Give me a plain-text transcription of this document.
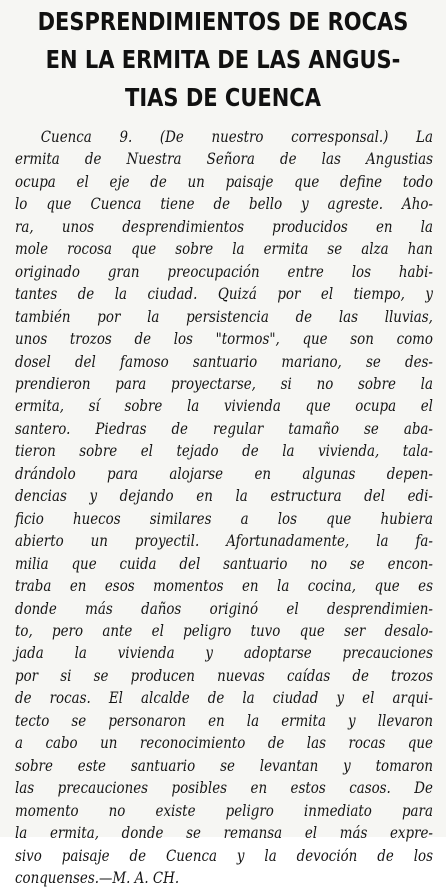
DESPRENDIMIENTOS DE ROCAS
EN LA ERMITA DE LAS ANGUS-
TIAS DE CUENCA
Cuenca 9. (De nuestro corresponsal.) La
ermita de Nuestra Señora de las Angustias
ocupa el eje de un paisaje que define todo
lo que Cuenca tiene de bello y agreste. Aho-
ra, unos desprendimientos producidos en la
mole rocosa que sobre la ermita se alza han
originado gran preocupación entre los habi-
tantes de la ciudad. Quizá por el tiempo, y
también por la persistencia de las lluvias,
unos trozos de los "tormos", que son como
dosel del famoso santuario mariano, se des-
prendieron para proyectarse, si no sobre la
ermita, sí sobre la vivienda que ocupa el
santero. Piedras de regular tamaño se aba-
tieron sobre el tejado de la vivienda, tala-
drándolo para alojarse en algunas depen-
dencias y dejando en la estructura del edi-
ficio huecos similares a los que hubiera
abierto un proyectil. Afortunadamente, la fa-
milia que cuida del santuario no se encon-
traba en esos momentos en la cocina, que es
donde más daños originó el desprendimien-
to, pero ante el peligro tuvo que ser desalo-
jada la vivienda y adoptarse precauciones
por si se producen nuevas caídas de trozos
de rocas. El alcalde de la ciudad y el arqui-
tecto se personaron en la ermita y llevaron
a cabo un reconocimiento de las rocas que
sobre este santuario se levantan y tomaron
las precauciones posibles en estos casos. De
momento no existe peligro inmediato para
la ermita, donde se remansa el más expre-
sivo paisaje de Cuenca y la devoción de los
conquenses.—M. A. CH.
